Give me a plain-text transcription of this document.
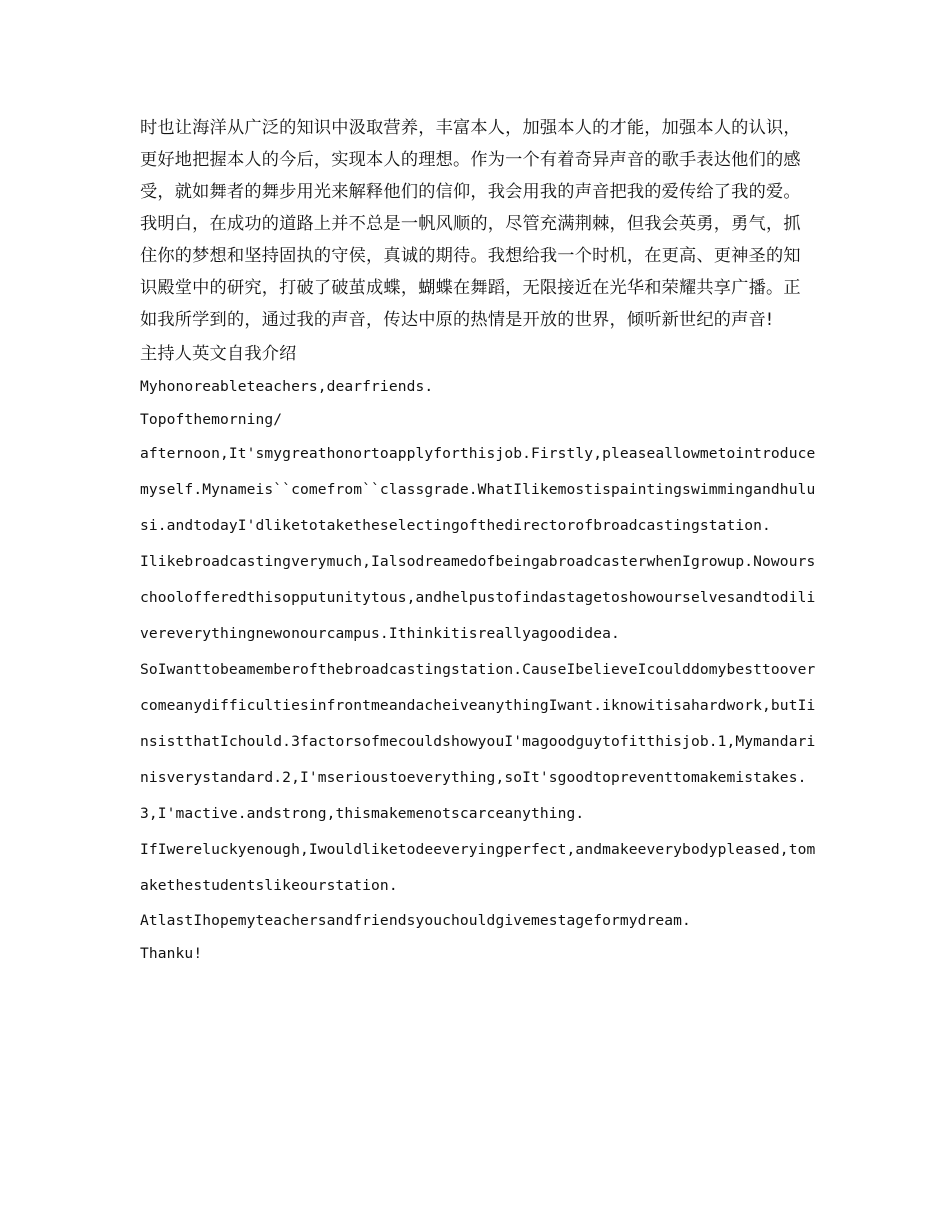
时也让海洋从广泛的知识中汲取营养，丰富本人，加强本人的才能，加强本人的认识，更好地把握本人的今后，实现本人的理想。作为一个有着奇异声音的歌手表达他们的感受，就如舞者的舞步用光来解释他们的信仰，我会用我的声音把我的爱传给了我的爱。

我明白，在成功的道路上并不总是一帆风顺的，尽管充满荆棘，但我会英勇，勇气，抓住你的梦想和坚持固执的守侯，真诚的期待。我想给我一个时机，在更高、更神圣的知识殿堂中的研究，打破了破茧成蝶，蝴蝶在舞蹈，无限接近在光华和荣耀共享广播。正如我所学到的，通过我的声音，传达中原的热情是开放的世界，倾听新世纪的声音!

主持人英文自我介绍

Myhonoreableteachers,dearfriends.

Topofthemorning/

afternoon,It'smygreathonortoapplyforthisjob.Firstly,pleaseallowmetointroducemyself.Mynameis``comefrom``classgrade.WhatIlikemostispaintingswimmingandhulusi.andtodayI'dliketotaketheselectingofthedirectorofbroadcastingstation.

Ilikebroadcastingverymuch,IalsodreamedofbeingabroadcasterwhenIgrowup.Nowourschoolofferedthisopputunitytous,andhelpustofindastagetoshowourselvesandtodilivereverythingnewonourcampus.Ithinkitisreallyagoodidea.

SoIwanttobeamemberofthebroadcastingstation.CauseIbelieveIcoulddomybesttoovercomeanydifficultiesinfrontmeandacheiveanythingIwant.iknowitisahardwork,butIinsistthatIchould.3factorsofmecouldshowyouI'magoodguytofitthisjob.1,Mymandarinisverystandard.2,I'mserioustoeverything,soIt'sgoodtopreventtomakemistakes.3,I'mactive.andstrong,thismakemenotscarceanything.

IfIwereluckyenough,Iwouldliketodeeveryingperfect,andmakeeverybodypleased,tomakethestudentslikeourstation.

AtlastIhopemyteachersandfriendsyouchouldgivemestageformydream.

Thanku!
